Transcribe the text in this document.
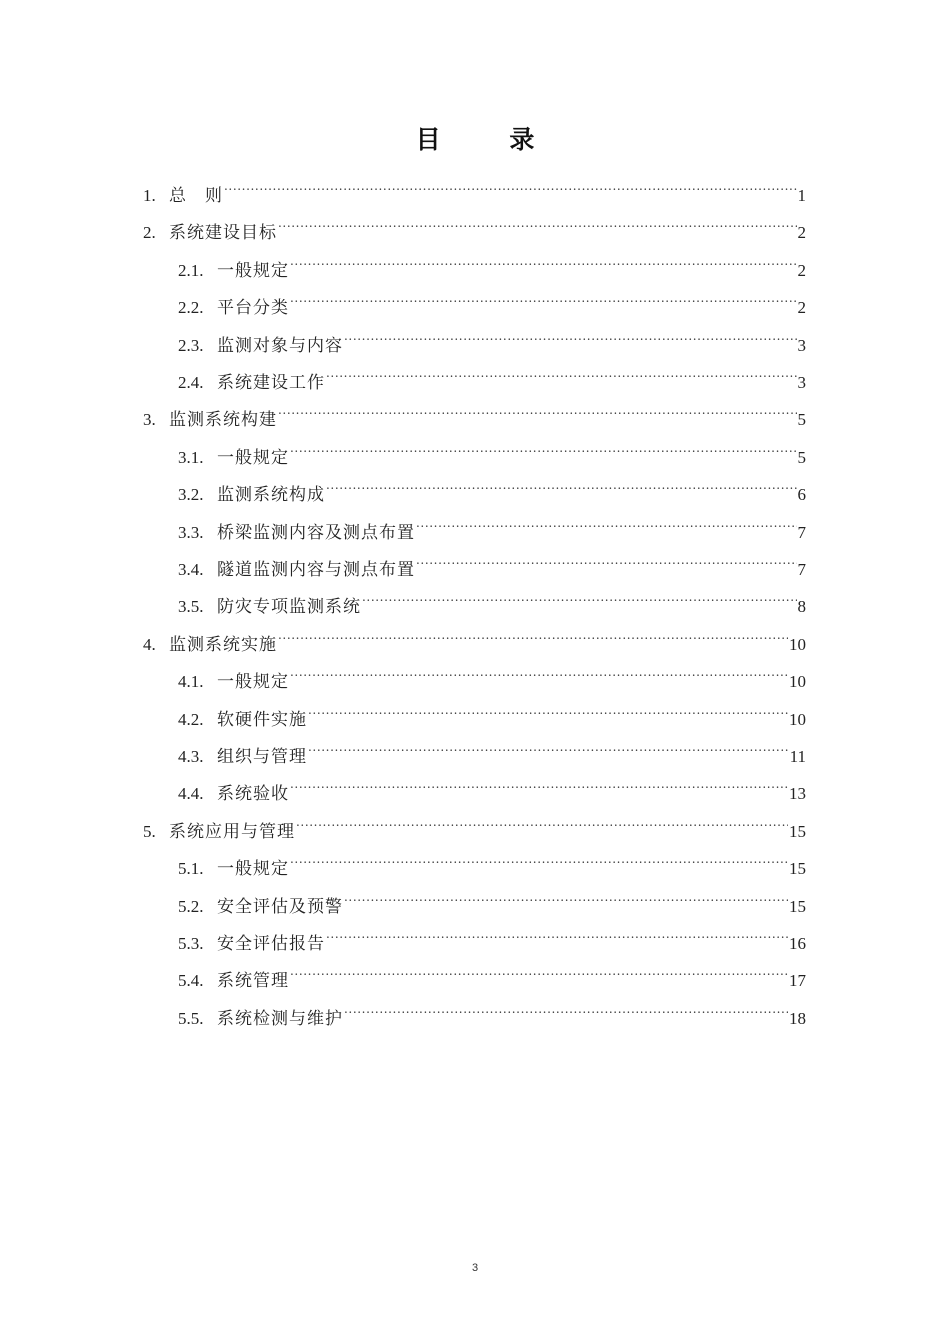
目 录
1. 总　则 .....	1
2. 系统建设目标 .....	2
2.1. 一般规定 .....	2
2.2. 平台分类 .....	2
2.3. 监测对象与内容 .....	3
2.4. 系统建设工作 .....	3
3. 监测系统构建 .....	5
3.1. 一般规定 .....	5
3.2. 监测系统构成 .....	6
3.3. 桥梁监测内容及测点布置 .....	7
3.4. 隧道监测内容与测点布置 .....	7
3.5. 防灾专项监测系统 .....	8
4. 监测系统实施 .....	10
4.1. 一般规定 .....	10
4.2. 软硬件实施 .....	10
4.3. 组织与管理 .....	11
4.4. 系统验收 .....	13
5. 系统应用与管理 .....	15
5.1. 一般规定 .....	15
5.2. 安全评估及预警 .....	15
5.3. 安全评估报告 .....	16
5.4. 系统管理 .....	17
5.5. 系统检测与维护 .....	18
3
